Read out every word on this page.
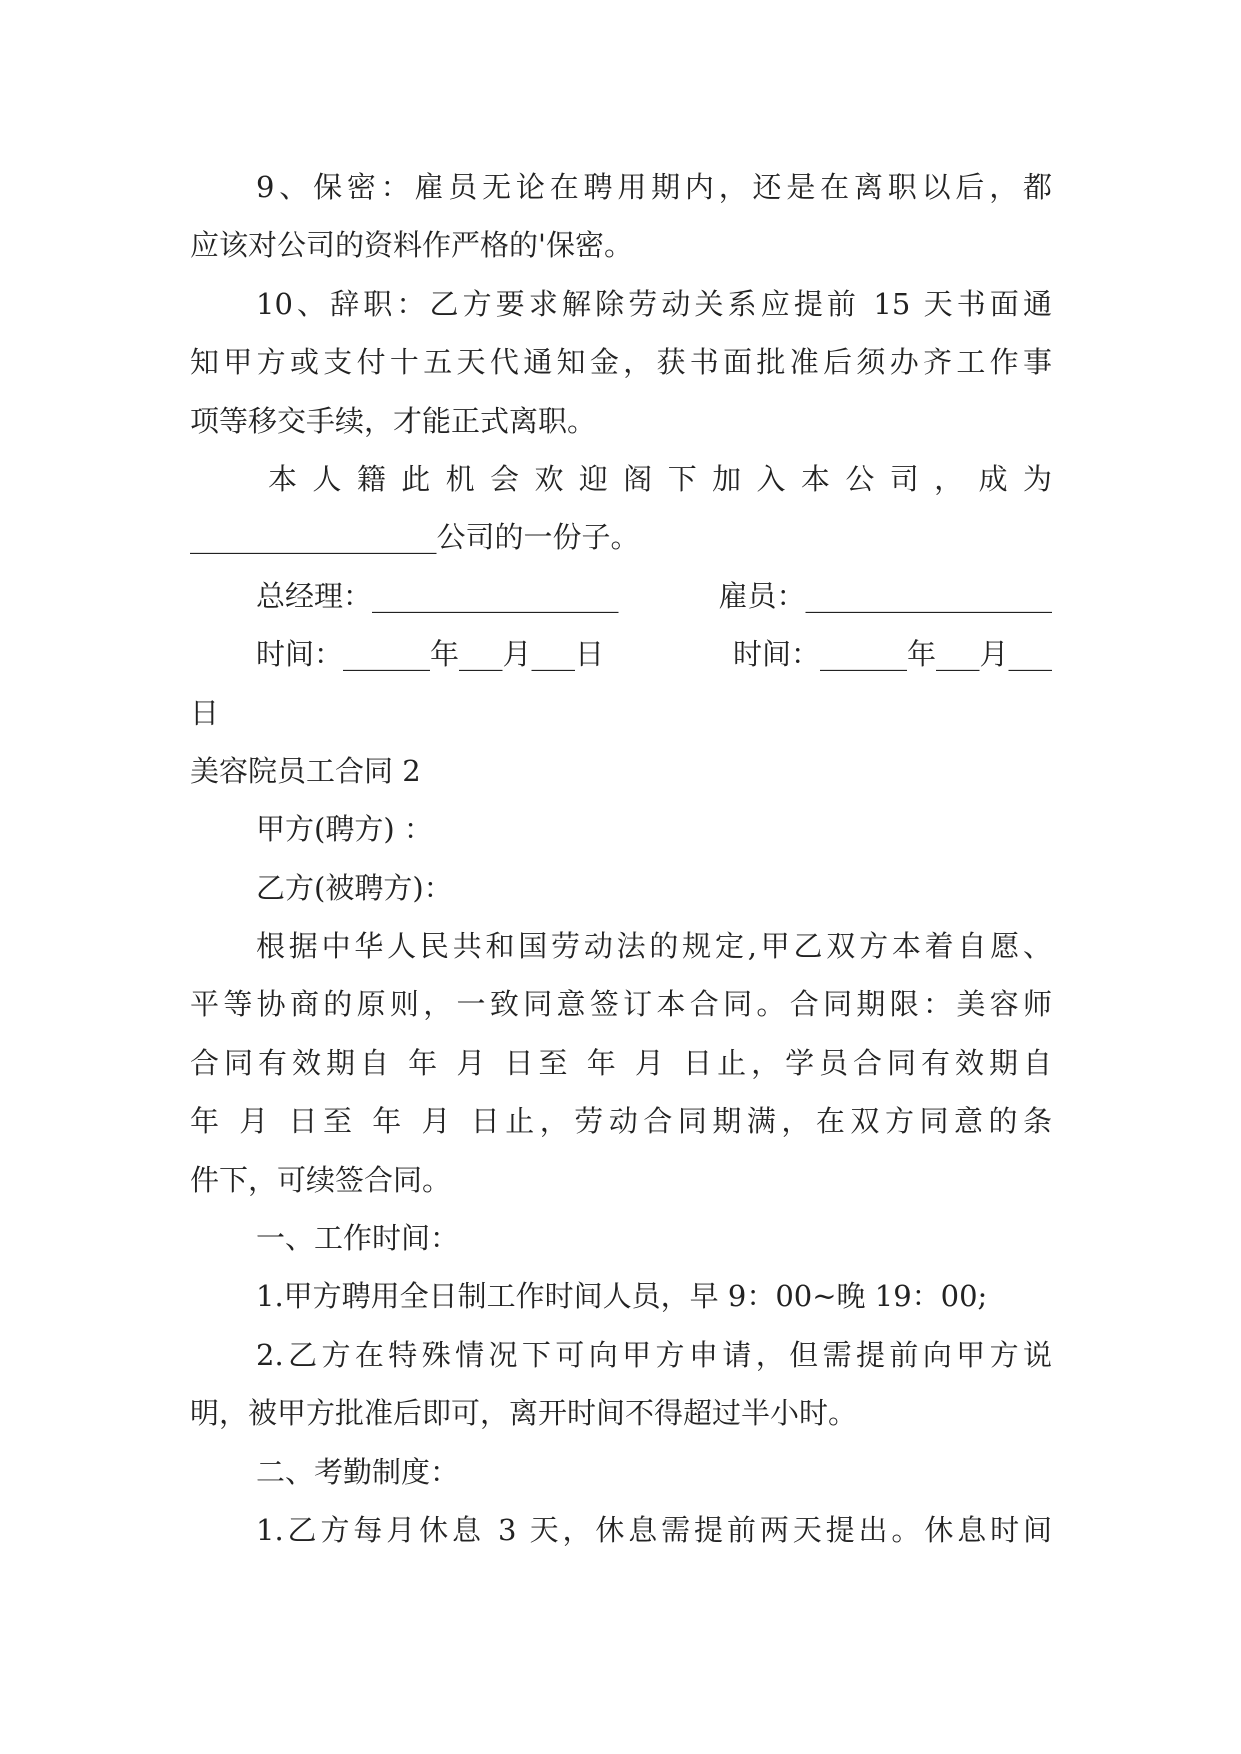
9、保密：雇员无论在聘用期内，还是在离职以后，都
应该对公司的资料作严格的'保密。
10、辞职：乙方要求解除劳动关系应提前 15 天书面通
知甲方或支付十五天代通知金，获书面批准后须办齐工作事
项等移交手续，才能正式离职。
本人籍此机会欢迎阁下加入本公司，成为
_________________公司的一份子。
总经理：_________________	雇员：_________________
时间：______年___月___日	时间：______年___月___
日
美容院员工合同 2
甲方(聘方) ：
乙方(被聘方)：
根据中华人民共和国劳动法的规定,甲乙双方本着自愿、
平等协商的原则，一致同意签订本合同。合同期限：美容师
合同有效期自 年 月 日至 年 月 日止，学员合同有效期自
年 月 日至 年 月 日止，劳动合同期满，在双方同意的条
件下，可续签合同。
一、工作时间：
1.甲方聘用全日制工作时间人员，早 9：00~晚 19：00;
2.乙方在特殊情况下可向甲方申请，但需提前向甲方说
明，被甲方批准后即可，离开时间不得超过半小时。
二、考勤制度：
1.乙方每月休息 3 天，休息需提前两天提出。休息时间
